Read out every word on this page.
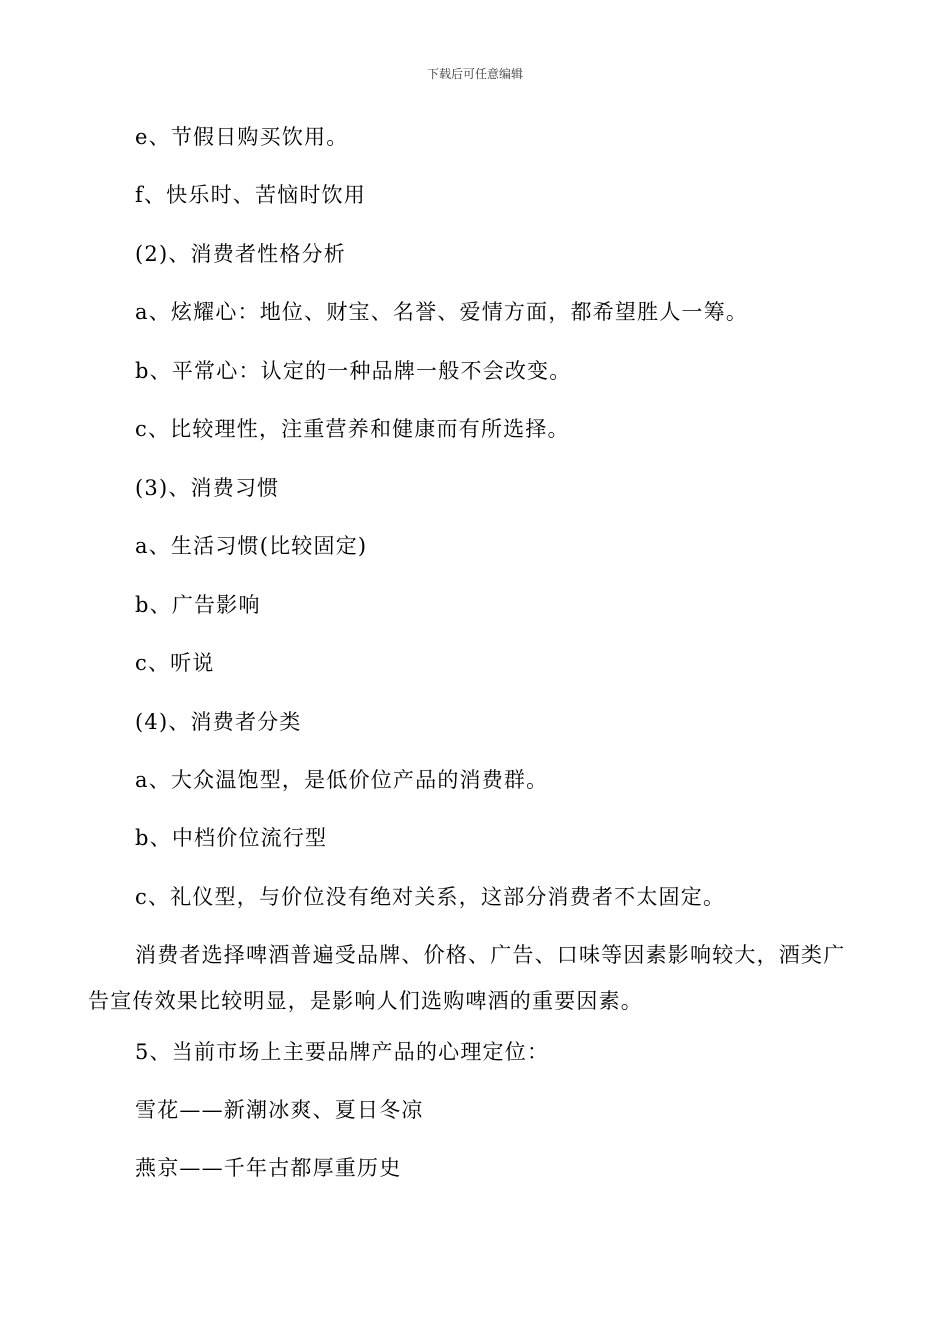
下载后可任意编辑
e、节假日购买饮用。
f、快乐时、苦恼时饮用
(2)、消费者性格分析
a、炫耀心：地位、财宝、名誉、爱情方面，都希望胜人一筹。
b、平常心：认定的一种品牌一般不会改变。
c、比较理性，注重营养和健康而有所选择。
(3)、消费习惯
a、生活习惯(比较固定)
b、广告影响
c、听说
(4)、消费者分类
a、大众温饱型，是低价位产品的消费群。
b、中档价位流行型
c、礼仪型，与价位没有绝对关系，这部分消费者不太固定。
消费者选择啤酒普遍受品牌、价格、广告、口味等因素影响较大，酒类广
告宣传效果比较明显，是影响人们选购啤酒的重要因素。
5、当前市场上主要品牌产品的心理定位：
雪花——新潮冰爽、夏日冬凉
燕京——千年古都厚重历史
